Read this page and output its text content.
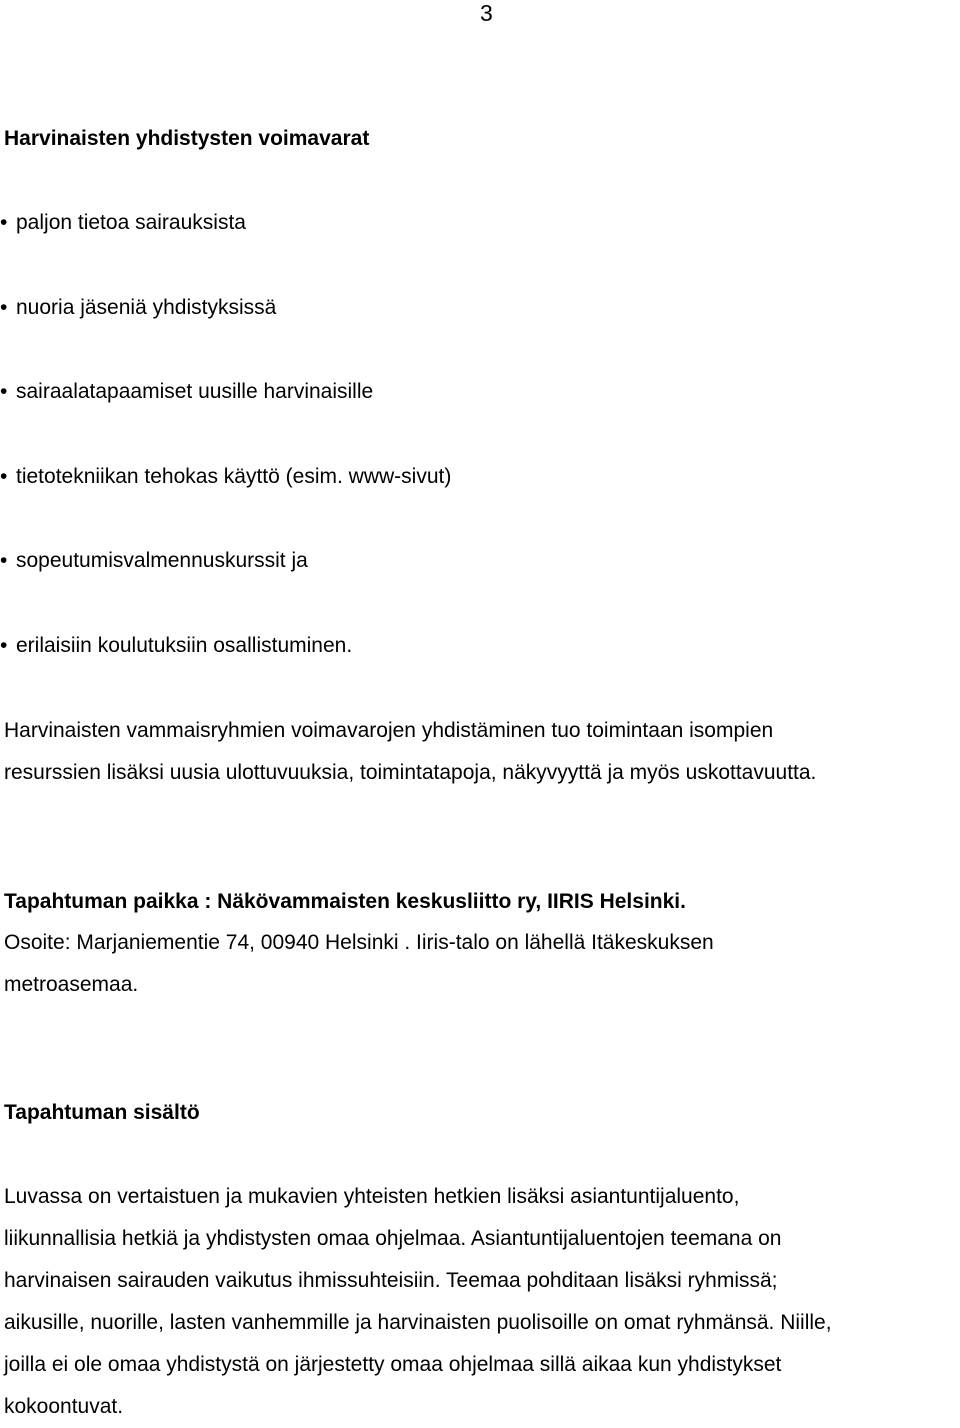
3
Harvinaisten yhdistysten voimavarat
• paljon tietoa sairauksista
• nuoria jäseniä yhdistyksissä
• sairaalatapaamiset uusille harvinaisille
• tietotekniikan tehokas käyttö (esim. www-sivut)
• sopeutumisvalmennuskurssit ja
• erilaisiin koulutuksiin osallistuminen.

Harvinaisten vammaisryhmien voimavarojen yhdistäminen tuo toimintaan isompien
resurssien lisäksi uusia ulottuvuuksia, toimintatapoja, näkyvyyttä ja myös uskottavuutta.

Tapahtuman paikka : Näkövammaisten keskusliitto ry, IIRIS Helsinki.

Osoite: Marjaniementie 74, 00940 Helsinki . Iiris-talo on lähellä Itäkeskuksen
metroasemaa.

Tapahtuman sisältö

Luvassa on vertaistuen ja mukavien yhteisten hetkien lisäksi asiantuntijaluento,
liikunnallisia hetkiä ja yhdistysten omaa ohjelmaa. Asiantuntijaluentojen teemana on
harvinaisen sairauden vaikutus ihmissuhteisiin. Teemaa pohditaan lisäksi ryhmissä;
aikusille, nuorille, lasten vanhemmille ja harvinaisten puolisoille on omat ryhmänsä. Niille,
joilla ei ole omaa yhdistystä on järjestetty omaa ohjelmaa sillä aikaa kun yhdistykset
kokoontuvat.
